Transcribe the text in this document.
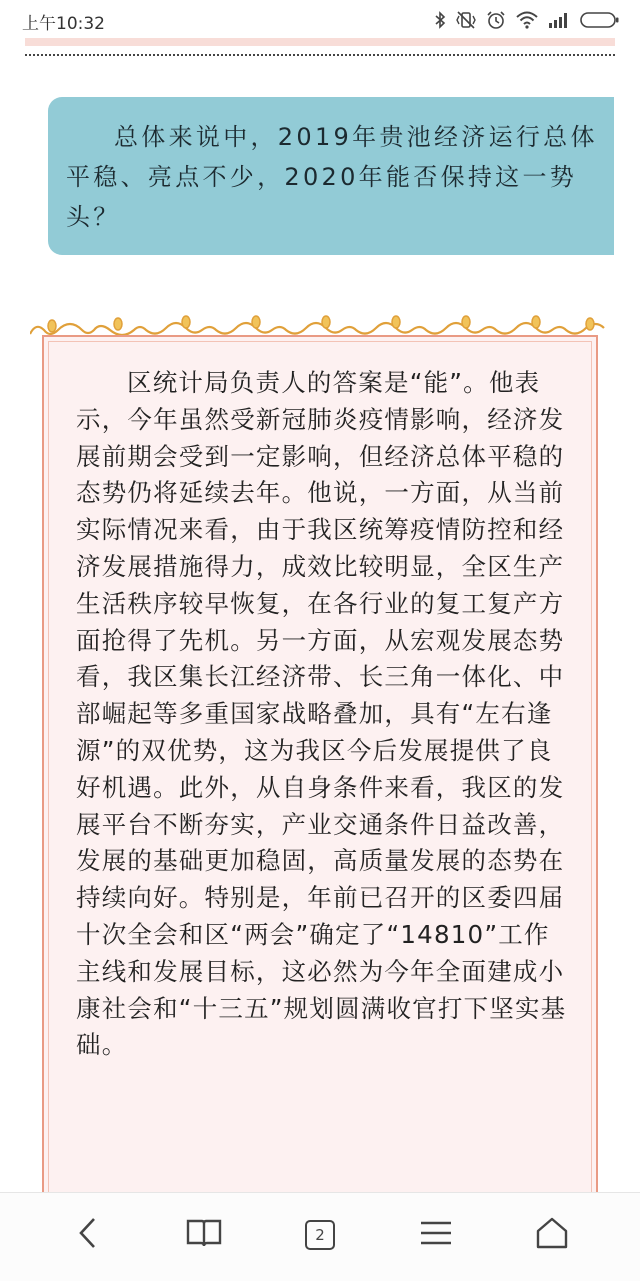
上午10:32

总体来说中，2019年贵池经济运行总体平稳、亮点不少，2020年能否保持这一势头？

区统计局负责人的答案是“能”。他表示，今年虽然受新冠肺炎疫情影响，经济发展前期会受到一定影响，但经济总体平稳的态势仍将延续去年。他说，一方面，从当前实际情况来看，由于我区统筹疫情防控和经济发展措施得力，成效比较明显，全区生产生活秩序较早恢复，在各行业的复工复产方面抢得了先机。另一方面，从宏观发展态势看，我区集长江经济带、长三角一体化、中部崛起等多重国家战略叠加，具有“左右逢源”的双优势，这为我区今后发展提供了良好机遇。此外，从自身条件来看，我区的发展平台不断夯实，产业交通条件日益改善，发展的基础更加稳固，高质量发展的态势在持续向好。特别是，年前已召开的区委四届十次全会和区“两会”确定了“14810”工作主线和发展目标，这必然为今年全面建成小康社会和“十三五”规划圆满收官打下坚实基础。

2
